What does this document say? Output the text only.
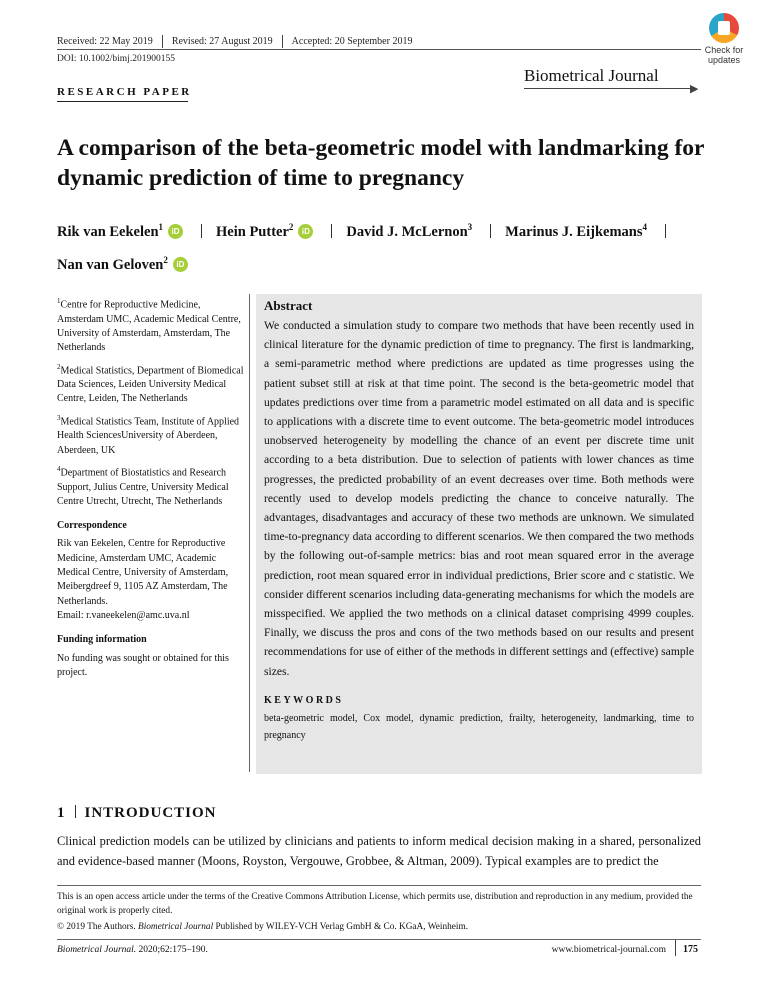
Received: 22 May 2019 Revised: 27 August 2019 Accepted: 20 September 2019
DOI: 10.1002/bimj.201900155
Check for
updates
Biometrical Journal
▶
RESEARCH PAPER
A comparison of the beta-geometric model with landmarking for dynamic prediction of time to pregnancy
Rik van Eekelen$^1$ iD	Hein Putter$^2$ iD	David J. McLernon$^3$ Marinus J. Eijkemans$^4$
Nan van Geloven$^2$ iD

$^1$Centre for Reproductive Medicine, Amsterdam UMC, Academic Medical Centre, University of Amsterdam, Amsterdam, The Netherlands

$^2$Medical Statistics, Department of Biomedical Data Sciences, Leiden University Medical Centre, Leiden, The Netherlands

$^3$Medical Statistics Team, Institute of Applied Health SciencesUniversity of Aberdeen, Aberdeen, UK

$^4$Department of Biostatistics and Research Support, Julius Centre, University Medical Centre Utrecht, Utrecht, The Netherlands

Correspondence

Rik van Eekelen, Centre for Reproductive Medicine, Amsterdam UMC, Academic Medical Centre, University of Amsterdam, Meibergdreef 9, 1105 AZ Amsterdam, The Netherlands.
Email: r.vaneekelen@amc.uva.nl

Funding information

No funding was sought or obtained for this project.

Abstract

We conducted a simulation study to compare two methods that have been recently used in clinical literature for the dynamic prediction of time to pregnancy. The first is landmarking, a semi-parametric method where predictions are updated as time progresses using the patient subset still at risk at that time point. The second is the beta-geometric model that updates predictions over time from a parametric model estimated on all data and is specific to applications with a discrete time to event outcome. The beta-geometric model introduces unobserved heterogeneity by modelling the chance of an event per discrete time unit according to a beta distribution. Due to selection of patients with lower chances as time progresses, the predicted probability of an event decreases over time. Both methods were recently used to develop models predicting the chance to conceive naturally. The advantages, disadvantages and accuracy of these two methods are unknown. We simulated time-to-pregnancy data according to different scenarios. We then compared the two methods by the following out-of-sample metrics: bias and root mean squared error in the average prediction, root mean squared error in individual predictions, Brier score and c statistic. We consider different scenarios including data-generating mechanisms for which the models are misspecified. We applied the two methods on a clinical dataset comprising 4999 couples. Finally, we discuss the pros and cons of the two methods based on our results and present recommendations for use of either of the methods in different settings and (effective) sample sizes.

KEYWORDS
beta-geometric model, Cox model, dynamic prediction, frailty, heterogeneity, landmarking, time to pregnancy
1 INTRODUCTION
Clinical prediction models can be utilized by clinicians and patients to inform medical decision making in a shared, personalized and evidence-based manner (Moons, Royston, Vergouwe, Grobbee, & Altman, 2009). Typical examples are to predict the
This is an open access article under the terms of the Creative Commons Attribution License, which permits use, distribution and reproduction in any medium, provided the original work is properly cited.
© 2019 The Authors. Biometrical Journal Published by WILEY-VCH Verlag GmbH & Co. KGaA, Weinheim.
Biometrical Journal. 2020;62:175–190.	www.biometrical-journal.com 175
